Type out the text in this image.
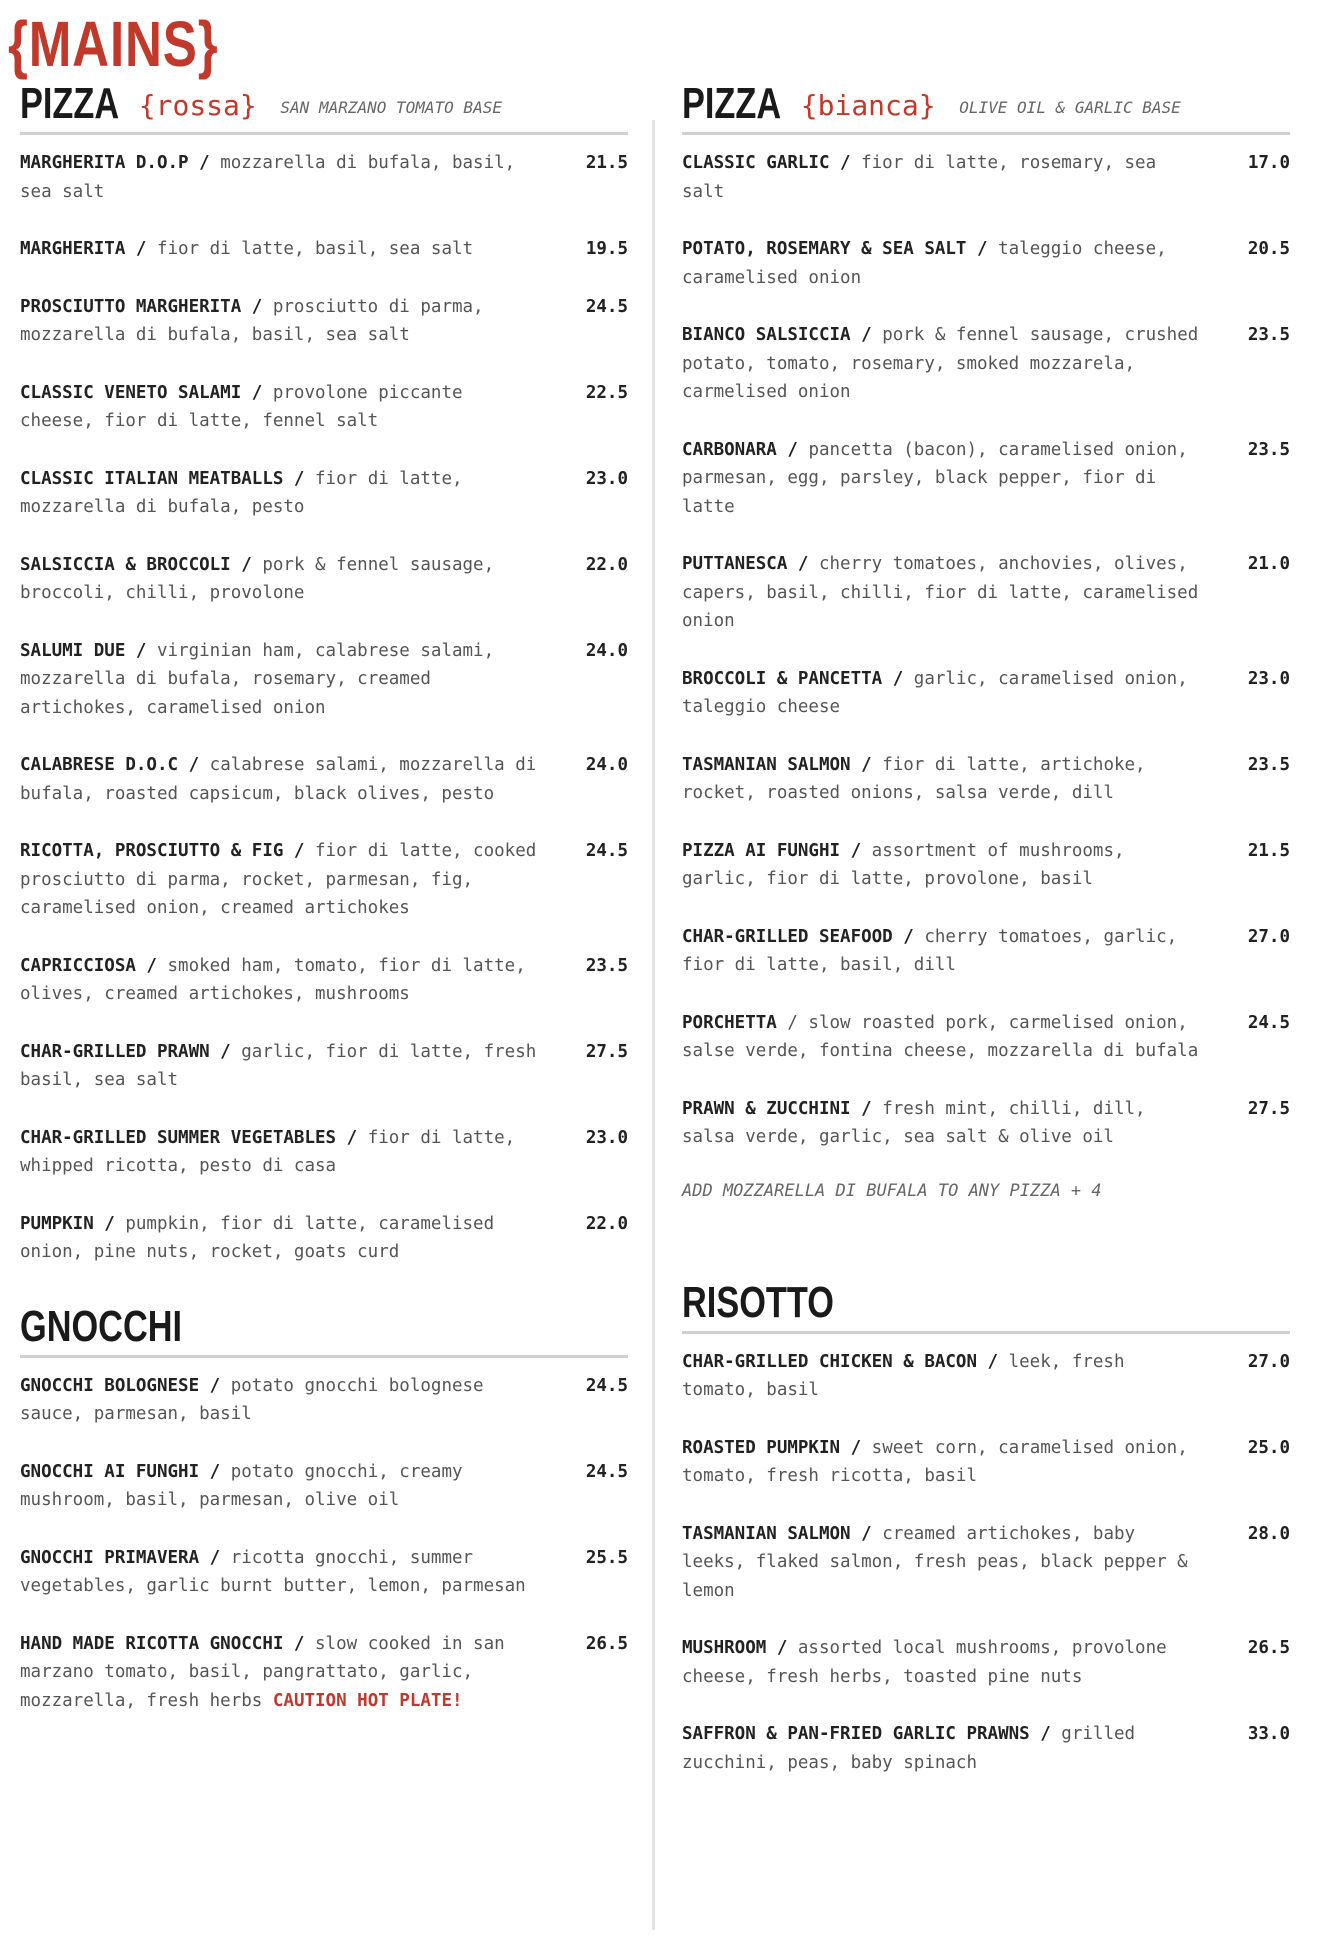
{MAINS}
PIZZA {rossa} SAN MARZANO TOMATO BASE
MARGHERITA D.O.P / mozzarella di bufala, basil, sea salt
21.5
MARGHERITA / fior di latte, basil, sea salt	19.5
PROSCIUTTO MARGHERITA / prosciutto di parma, mozzarella di bufala, basil, sea salt
24.5
CLASSIC VENETO SALAMI / provolone piccante cheese, fior di latte, fennel salt
22.5
CLASSIC ITALIAN MEATBALLS / fior di latte, mozzarella di bufala, pesto
23.0
SALSICCIA & BROCCOLI / pork & fennel sausage, broccoli, chilli, provolone
22.0
SALUMI DUE / virginian ham, calabrese salami, mozzarella di bufala, rosemary, creamed artichokes, caramelised onion
24.0
CALABRESE D.O.C / calabrese salami, mozzarella di bufala, roasted capsicum, black olives, pesto
24.0
RICOTTA, PROSCIUTTO & FIG / fior di latte, cooked prosciutto di parma, rocket, parmesan, fig, caramelised onion, creamed artichokes
24.5
CAPRICCIOSA / smoked ham, tomato, fior di latte, olives, creamed artichokes, mushrooms
23.5
CHAR-GRILLED PRAWN / garlic, fior di latte, fresh basil, sea salt
27.5
CHAR-GRILLED SUMMER VEGETABLES / fior di latte, whipped ricotta, pesto di casa
23.0
PUMPKIN / pumpkin, fior di latte, caramelised onion, pine nuts, rocket, goats curd
22.0
GNOCCHI
GNOCCHI BOLOGNESE / potato gnocchi bolognese sauce, parmesan, basil
24.5
GNOCCHI AI FUNGHI / potato gnocchi, creamy mushroom, basil, parmesan, olive oil
24.5
GNOCCHI PRIMAVERA / ricotta gnocchi, summer vegetables, garlic burnt butter, lemon, parmesan
25.5
HAND MADE RICOTTA GNOCCHI / slow cooked in san marzano tomato, basil, pangrattato, garlic, mozzarella, fresh herbs CAUTION HOT PLATE!
26.5
PIZZA {bianca} OLIVE OIL & GARLIC BASE
CLASSIC GARLIC / fior di latte, rosemary, sea salt
17.0
POTATO, ROSEMARY & SEA SALT / taleggio cheese, caramelised onion
20.5
BIANCO SALSICCIA / pork & fennel sausage, crushed potato, tomato, rosemary, smoked mozzarela, carmelised onion
23.5
CARBONARA / pancetta (bacon), caramelised onion, parmesan, egg, parsley, black pepper, fior di latte
23.5
PUTTANESCA / cherry tomatoes, anchovies, olives, capers, basil, chilli, fior di latte, caramelised onion
21.0
BROCCOLI & PANCETTA / garlic, caramelised onion, taleggio cheese
23.0
TASMANIAN SALMON / fior di latte, artichoke, rocket, roasted onions, salsa verde, dill
23.5
PIZZA AI FUNGHI / assortment of mushrooms, garlic, fior di latte, provolone, basil
21.5
CHAR-GRILLED SEAFOOD / cherry tomatoes, garlic, fior di latte, basil, dill
27.0
PORCHETTA / slow roasted pork, carmelised onion, salse verde, fontina cheese, mozzarella di bufala
24.5
PRAWN & ZUCCHINI / fresh mint, chilli, dill, salsa verde, garlic, sea salt & olive oil
27.5
ADD MOZZARELLA DI BUFALA TO ANY PIZZA + 4
RISOTTO
CHAR-GRILLED CHICKEN & BACON / leek, fresh tomato, basil
27.0
ROASTED PUMPKIN / sweet corn, caramelised onion, tomato, fresh ricotta, basil
25.0
TASMANIAN SALMON / creamed artichokes, baby leeks, flaked salmon, fresh peas, black pepper & lemon
28.0
MUSHROOM / assorted local mushrooms, provolone cheese, fresh herbs, toasted pine nuts
26.5
SAFFRON & PAN-FRIED GARLIC PRAWNS / grilled zucchini, peas, baby spinach
33.0
